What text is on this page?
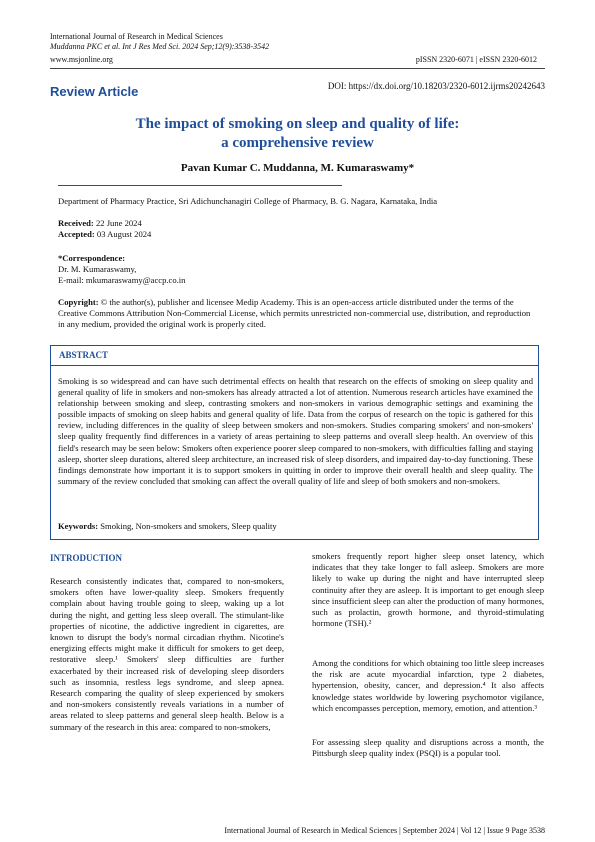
International Journal of Research in Medical Sciences
Muddanna PKC et al. Int J Res Med Sci. 2024 Sep;12(9):3538-3542
www.msjonline.org	pISSN 2320-6071 | eISSN 2320-6012
Review Article	DOI: https://dx.doi.org/10.18203/2320-6012.ijrms20242643
The impact of smoking on sleep and quality of life:
a comprehensive review
Pavan Kumar C. Muddanna, M. Kumaraswamy*
Department of Pharmacy Practice, Sri Adichunchanagiri College of Pharmacy, B. G. Nagara, Karnataka, India
Received: 22 June 2024
Accepted: 03 August 2024
*Correspondence:
Dr. M. Kumaraswamy,
E-mail: mkumaraswamy@accp.co.in
Copyright: © the author(s), publisher and licensee Medip Academy. This is an open-access article distributed under the terms of the Creative Commons Attribution Non-Commercial License, which permits unrestricted non-commercial use, distribution, and reproduction in any medium, provided the original work is properly cited.
ABSTRACT
Smoking is so widespread and can have such detrimental effects on health that research on the effects of smoking on sleep quality and general quality of life in smokers and non-smokers has already attracted a lot of attention. Numerous research articles have examined the relationship between smoking and sleep, contrasting smokers and non-smokers in various demographic settings and examining the possible impacts of smoking on sleep habits and general quality of life. Data from the corpus of research on the topic is gathered for this review, including differences in the quality of sleep between smokers and non-smokers. Studies comparing smokers' and non-smokers' sleep quality frequently find differences in a variety of areas pertaining to sleep patterns and overall sleep health. An overview of this field's research may be seen below: Smokers often experience poorer sleep compared to non-smokers, with difficulties falling and staying asleep, shorter sleep durations, altered sleep architecture, an increased risk of sleep disorders, and impaired day-to-day functioning. These findings demonstrate how important it is to support smokers in quitting in order to improve their overall health and sleep quality. The summary of the review concluded that smoking can affect the overall quality of life and sleep of both smokers and non-smokers.
Keywords: Smoking, Non-smokers and smokers, Sleep quality
INTRODUCTION
Research consistently indicates that, compared to non-smokers, smokers often have lower-quality sleep. Smokers frequently complain about having trouble going to sleep, waking up a lot during the night, and getting less sleep overall. The stimulant-like properties of nicotine, the addictive ingredient in cigarettes, are known to disrupt the body's normal circadian rhythm. Nicotine's energizing effects might make it difficult for smokers to get deep, restorative sleep.¹ Smokers' sleep difficulties are further exacerbated by their increased risk of developing sleep disorders such as insomnia, restless legs syndrome, and sleep apnea. Research comparing the quality of sleep experienced by smokers and non-smokers consistently reveals variations in a number of areas related to sleep patterns and general sleep health. Below is a summary of the research in this area: compared to non-smokers,
smokers frequently report higher sleep onset latency, which indicates that they take longer to fall asleep. Smokers are more likely to wake up during the night and have interrupted sleep continuity after they are asleep. It is important to get enough sleep since insufficient sleep can alter the production of many hormones, such as prolactin, growth hormone, and thyroid-stimulating hormone (TSH).²
Among the conditions for which obtaining too little sleep increases the risk are acute myocardial infarction, type 2 diabetes, hypertension, obesity, cancer, and depression.⁴ It also affects knowledge states worldwide by lowering psychomotor vigilance, which encompasses perception, memory, emotion, and attention.³
For assessing sleep quality and disruptions across a month, the Pittsburgh sleep quality index (PSQI) is a popular tool.
International Journal of Research in Medical Sciences | September 2024 | Vol 12 | Issue 9 Page 3538
